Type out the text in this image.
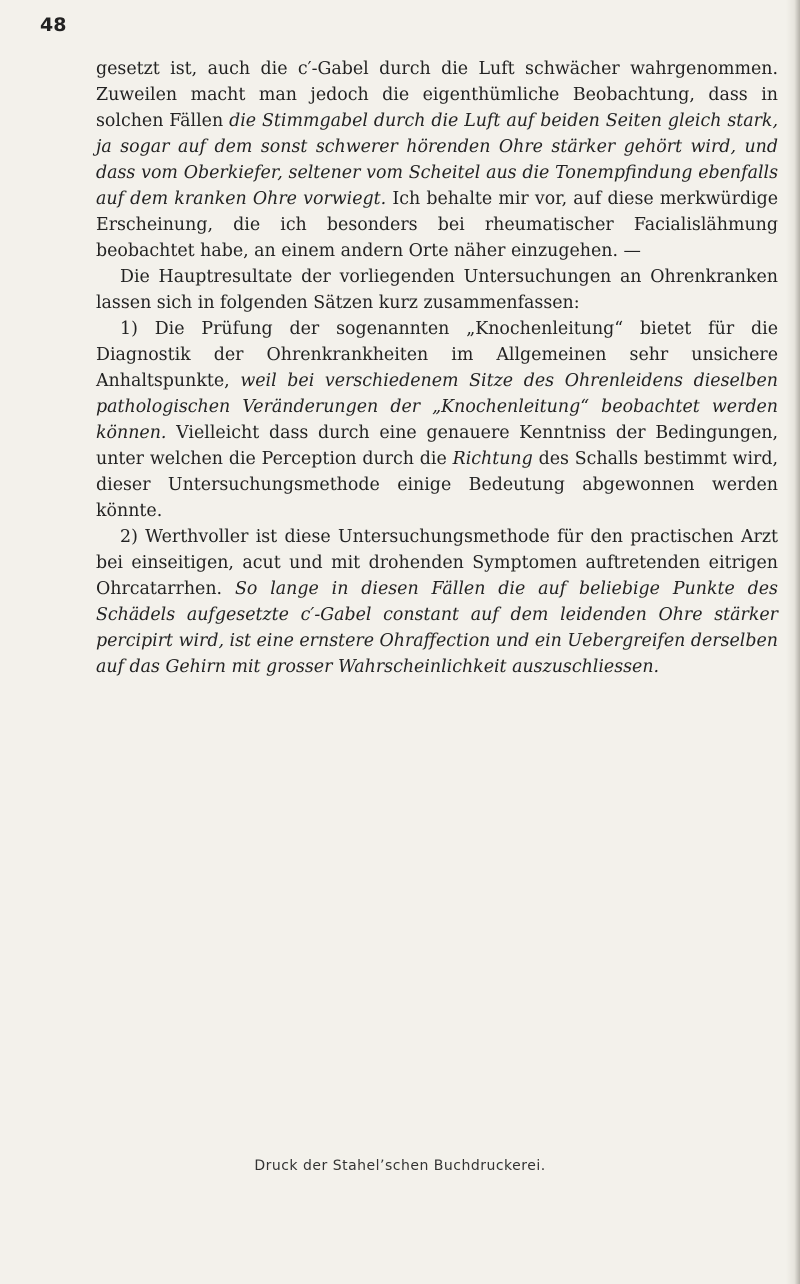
48

gesetzt ist, auch die c′-Gabel durch die Luft schwächer wahrgenommen. Zuweilen macht man jedoch die eigenthümliche Beobachtung, dass in solchen Fällen die Stimmgabel durch die Luft auf beiden Seiten gleich stark, ja sogar auf dem sonst schwerer hörenden Ohre stärker gehört wird, und dass vom Oberkiefer, seltener vom Scheitel aus die Tonempfindung ebenfalls auf dem kranken Ohre vorwiegt. Ich behalte mir vor, auf diese merkwürdige Erscheinung, die ich besonders bei rheumatischer Facialislähmung beobachtet habe, an einem andern Orte näher einzugehen. —

Die Hauptresultate der vorliegenden Untersuchungen an Ohrenkranken lassen sich in folgenden Sätzen kurz zusammenfassen:

1) Die Prüfung der sogenannten „Knochenleitung“ bietet für die Diagnostik der Ohrenkrankheiten im Allgemeinen sehr unsichere Anhaltspunkte, weil bei verschiedenem Sitze des Ohrenleidens dieselben pathologischen Veränderungen der „Knochenleitung“ beobachtet werden können. Vielleicht dass durch eine genauere Kenntniss der Bedingungen, unter welchen die Perception durch die Richtung des Schalls bestimmt wird, dieser Untersuchungsmethode einige Bedeutung abgewonnen werden könnte.

2) Werthvoller ist diese Untersuchungsmethode für den practischen Arzt bei einseitigen, acut und mit drohenden Symptomen auftretenden eitrigen Ohrcatarrhen. So lange in diesen Fällen die auf beliebige Punkte des Schädels aufgesetzte c′-Gabel constant auf dem leidenden Ohre stärker percipirt wird, ist eine ernstere Ohraffection und ein Uebergreifen derselben auf das Gehirn mit grosser Wahrscheinlichkeit auszuschliessen.

Druck der Stahel’schen Buchdruckerei.
